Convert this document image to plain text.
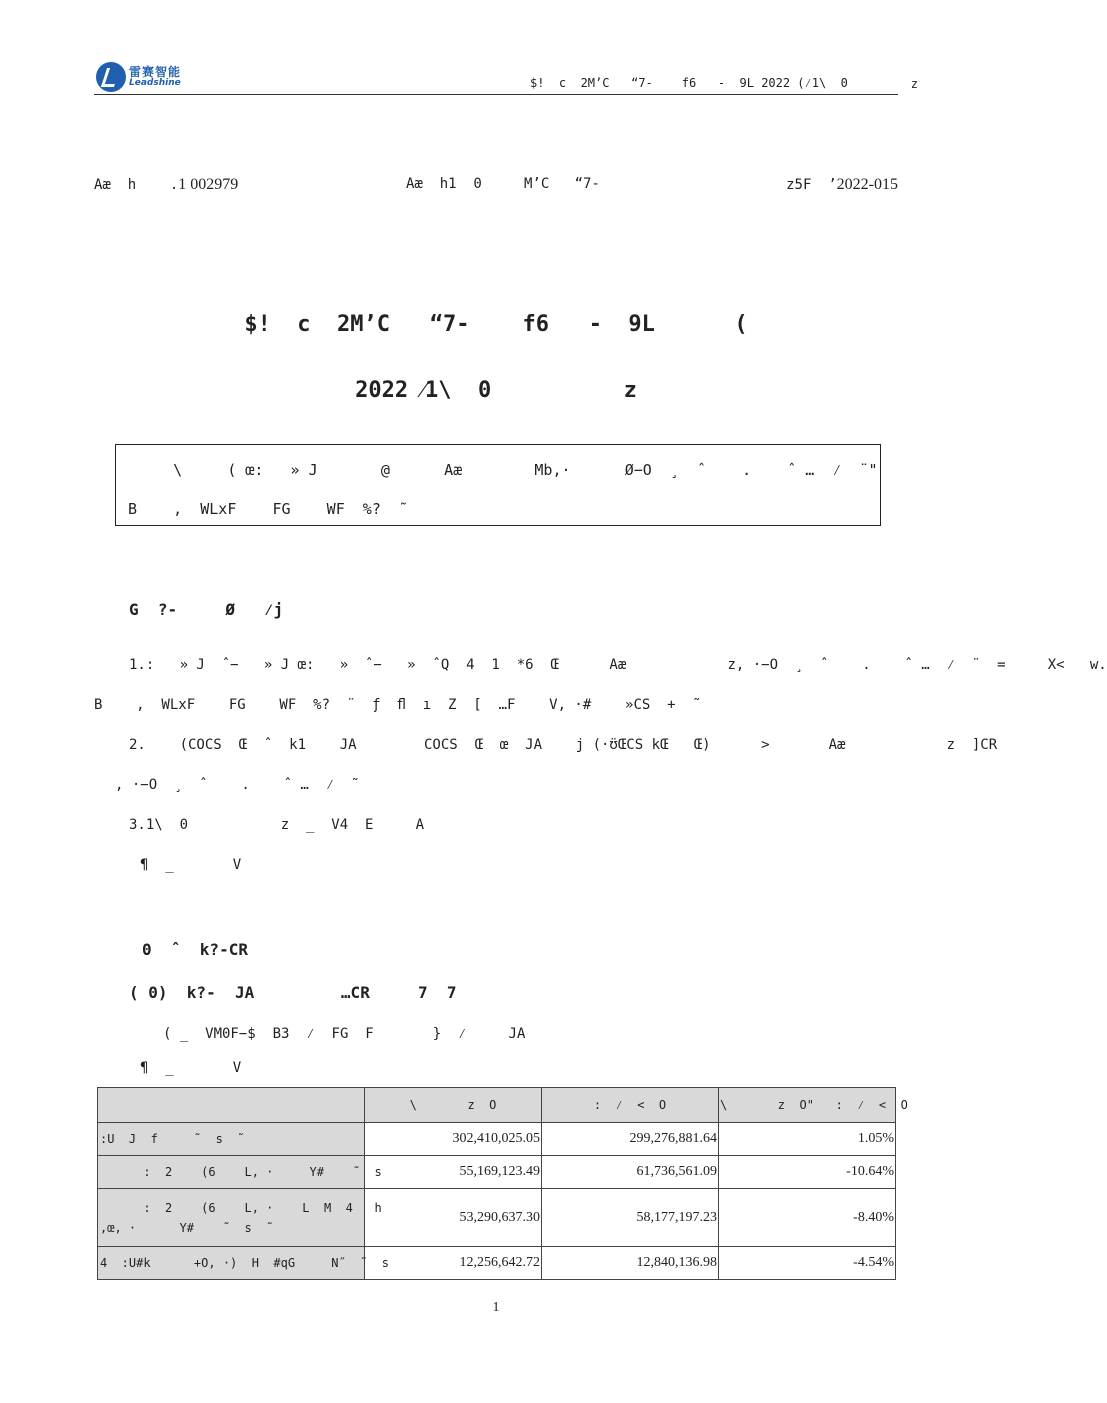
雷赛智能
Leadshine	$!  c  2M’C   “7-    f6   -  9L 2022 (⁄1\  0	z
Aæ  h    .1 002979	Aæ  h1  0     M’C   “7-	z5F  ’2022-015
$!  c  2M’C   “7-    f6   -  9L      (
2022 ⁄1\  0          z

\     ( œ:   » J       @      Aæ        Mb,·      Ø−O  ¸  ˆ    .    ˆ …  ⁄  ¨"

B    ,  WLxF    FG    WF  %?  ˜

G  ?-     Ø   ⁄j
1.:   » J  ˆ−   » J œ:   »  ˆ−   »  ˆQ  4  1  *6  Œ      Aæ            z, ·−O  ¸  ˆ    .    ˆ …  ⁄  ¨  =     X<   w.
B    ,  WLxF    FG    WF  %?  ¨  ƒ  ﬂ  ı  Z  [  …F    V, ·#    »CS  +  ˜
2.    (COCS  Œ  ˆ  k1    JA        COCS  Œ  œ  JA    j (·ʊ̈ŒCS kŒ   Œ)      >       Aæ            z  ]CR
, ·−O  ¸  ˆ    .    ˆ …  ⁄  ˜
3.1\  0           z  _  V4  E     A
¶  _       V
0  ˆ  k?-CR
( 0)  k?-  JA         …CR     7  7
( _  VM0F−$  B3  ⁄  FG  F       }  ⁄     JA
¶  _       V
	\       z  O	:  ⁄  <  O	\       z  O"   :  ⁄  <  O
:U  J  f     ˜  s  ˜	302,410,025.05	299,276,881.64	1.05%
:  2    (6    L, ·     Y#    ˜  s	55,169,123.49	61,736,561.09	-10.64%

:  2    (6    L, ·    L  M  4   h
,œ, ·      Y#    ˜  s  ˜	53,290,637.30	58,177,197.23	-8.40%
4  :U#k      +O, ·)  H  #qG     N˝  ˜  s	12,256,642.72	12,840,136.98	-4.54%
1
